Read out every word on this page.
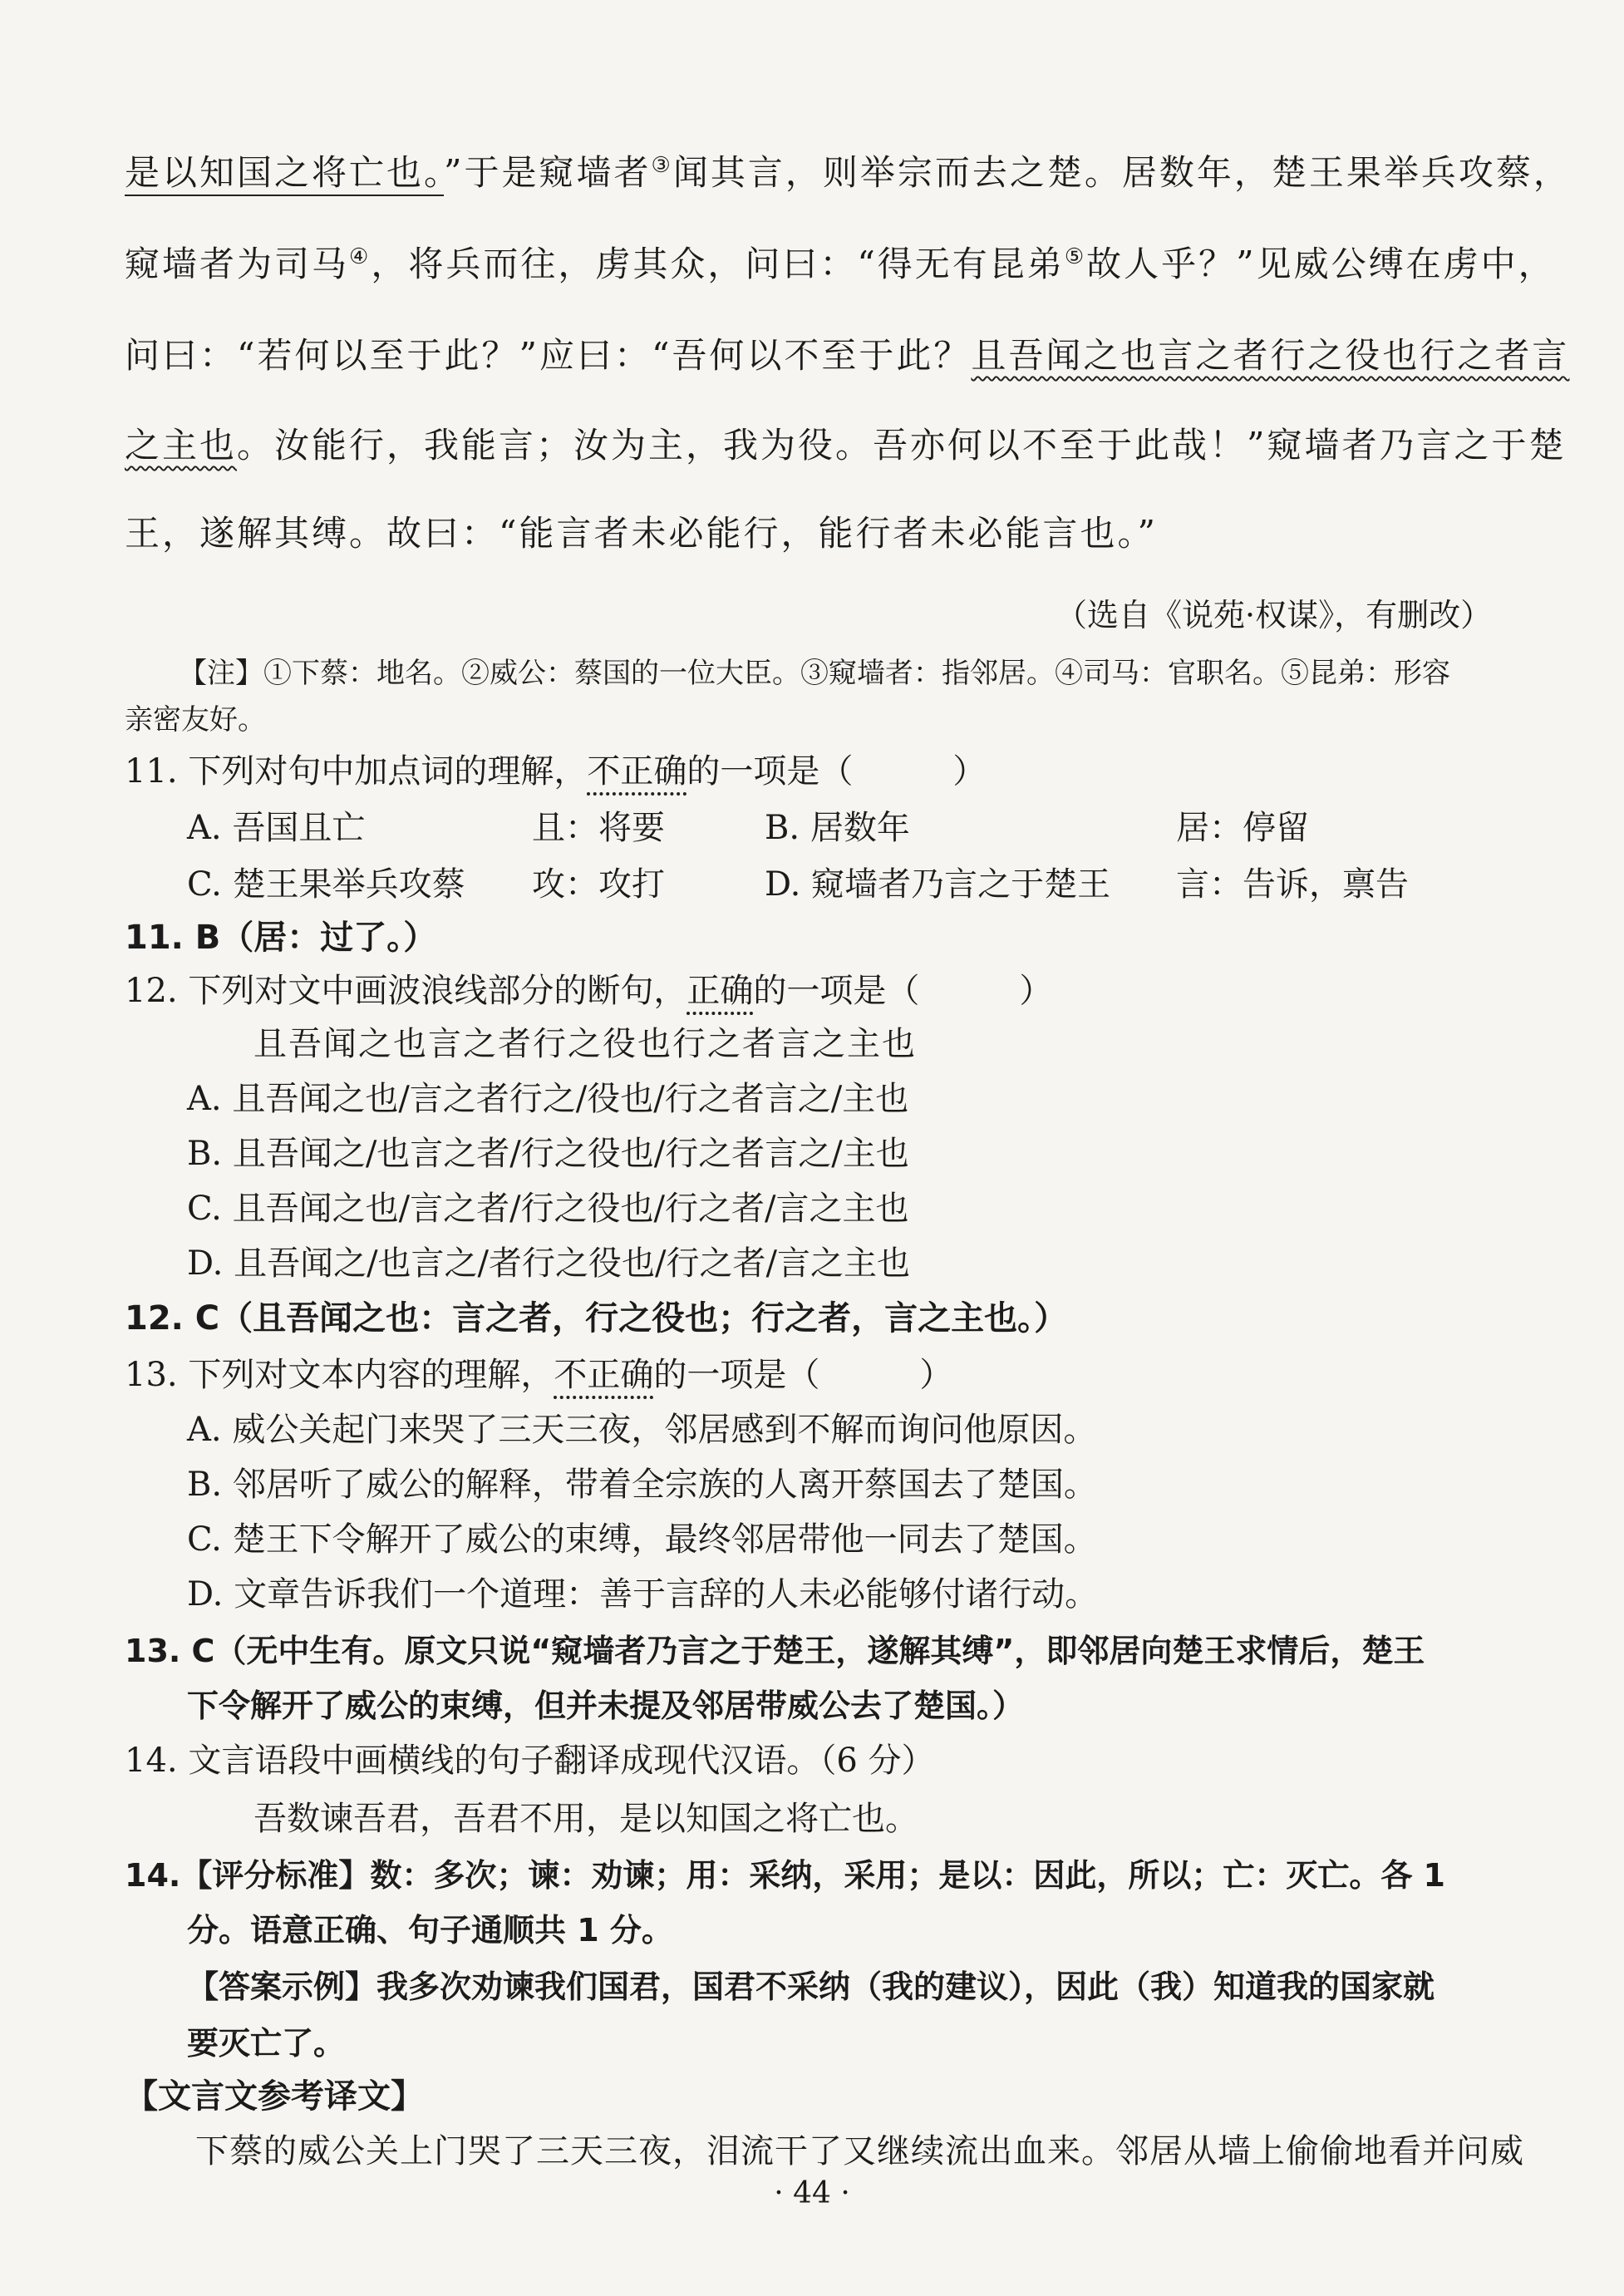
是以知国之将亡也。”于是窥墙者③闻其言，则举宗而去之楚。居数年，楚王果举兵攻蔡，
窥墙者为司马④，将兵而往，虏其众，问曰：“得无有昆弟⑤故人乎？”见威公缚在虏中，
问曰：“若何以至于此？”应曰：“吾何以不至于此？且吾闻之也言之者行之役也行之者言
之主也。汝能行，我能言；汝为主，我为役。吾亦何以不至于此哉！”窥墙者乃言之于楚
王，遂解其缚。故曰：“能言者未必能行，能行者未必能言也。”
（选自《说苑·权谋》，有删改）
【注】①下蔡：地名。②威公：蔡国的一位大臣。③窥墙者：指邻居。④司马：官职名。⑤昆弟：形容
亲密友好。
11. 下列对句中加点词的理解，不正确的一项是（　　　）
A. 吾国且亡	且：将要	B. 居数年	居：停留
C. 楚王果举兵攻蔡 攻：攻打	D. 窥墙者乃言之于楚王 言：告诉，禀告
11. B（居：过了。）
12. 下列对文中画波浪线部分的断句，正确的一项是（　　　）
且吾闻之也言之者行之役也行之者言之主也
A. 且吾闻之也/言之者行之/役也/行之者言之/主也
B. 且吾闻之/也言之者/行之役也/行之者言之/主也
C. 且吾闻之也/言之者/行之役也/行之者/言之主也
D. 且吾闻之/也言之/者行之役也/行之者/言之主也
12. C（且吾闻之也：言之者，行之役也；行之者，言之主也。）
13. 下列对文本内容的理解，不正确的一项是（　　　）
A. 威公关起门来哭了三天三夜，邻居感到不解而询问他原因。
B. 邻居听了威公的解释，带着全宗族的人离开蔡国去了楚国。
C. 楚王下令解开了威公的束缚，最终邻居带他一同去了楚国。
D. 文章告诉我们一个道理：善于言辞的人未必能够付诸行动。
13. C（无中生有。原文只说“窥墙者乃言之于楚王，遂解其缚”，即邻居向楚王求情后，楚王
下令解开了威公的束缚，但并未提及邻居带威公去了楚国。）
14. 文言语段中画横线的句子翻译成现代汉语。（6 分）
吾数谏吾君，吾君不用，是以知国之将亡也。
14.【评分标准】数：多次；谏：劝谏；用：采纳，采用；是以：因此，所以；亡：灭亡。各 1
分。语意正确、句子通顺共 1 分。
【答案示例】我多次劝谏我们国君，国君不采纳（我的建议），因此（我）知道我的国家就
要灭亡了。
【文言文参考译文】
下蔡的威公关上门哭了三天三夜，泪流干了又继续流出血来。邻居从墙上偷偷地看并问威
· 44 ·
